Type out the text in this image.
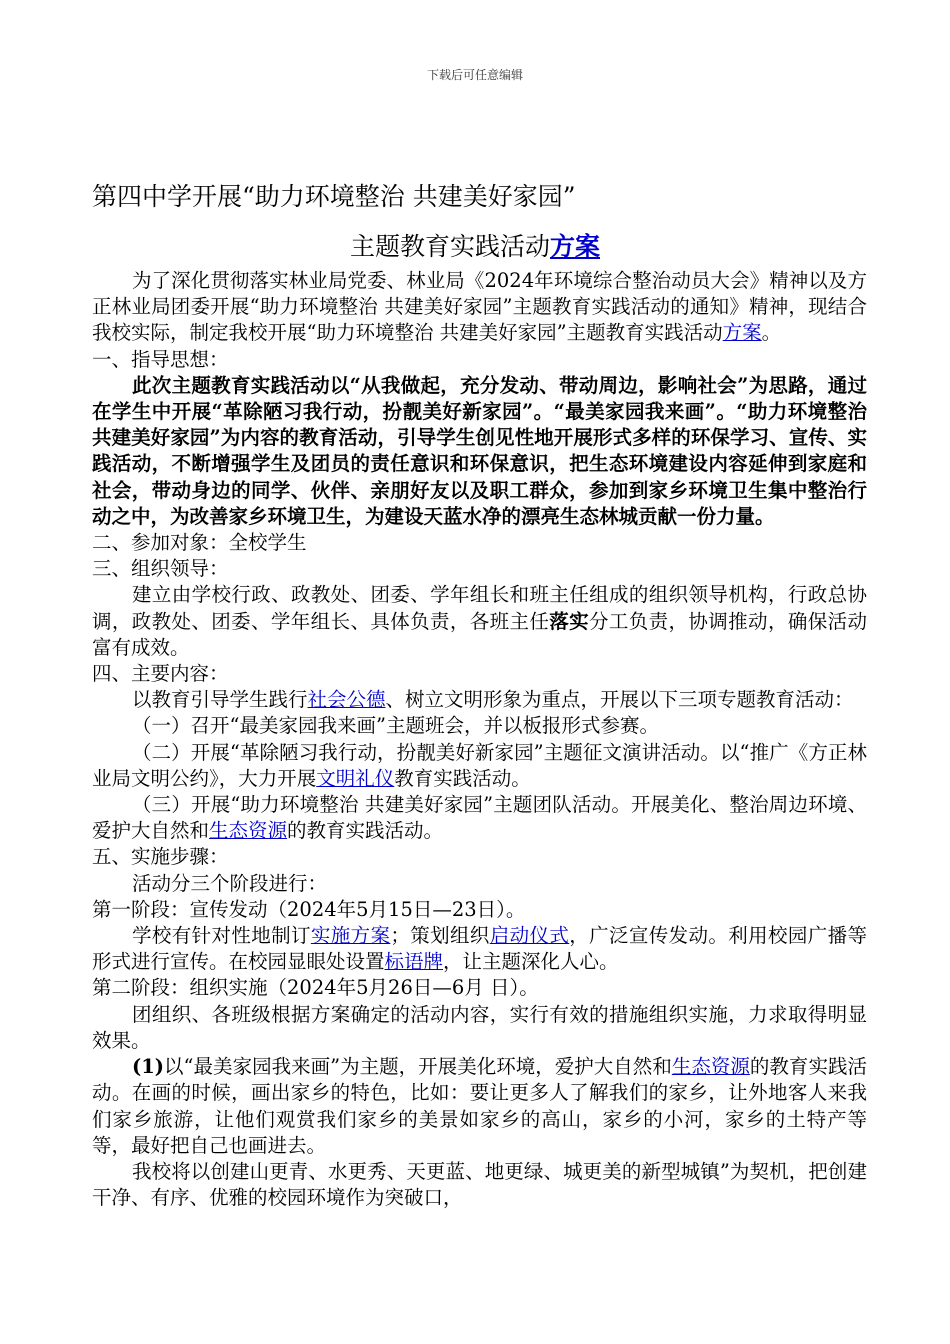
下载后可任意编辑
第四中学开展“助力环境整治 共建美好家园”
主题教育实践活动方案

为了深化贯彻落实林业局党委、林业局《2024年环境综合整治动员大会》精神以及方正林业局团委开展“助力环境整治 共建美好家园”主题教育实践活动的通知》精神，现结合我校实际，制定我校开展“助力环境整治 共建美好家园”主题教育实践活动方案。

一、指导思想：

此次主题教育实践活动以“从我做起，充分发动、带动周边，影响社会”为思路，通过在学生中开展“革除陋习我行动，扮靓美好新家园”。“最美家园我来画”。“助力环境整治 共建美好家园”为内容的教育活动，引导学生创见性地开展形式多样的环保学习、宣传、实践活动，不断增强学生及团员的责任意识和环保意识，把生态环境建设内容延伸到家庭和社会，带动身边的同学、伙伴、亲朋好友以及职工群众，参加到家乡环境卫生集中整治行动之中，为改善家乡环境卫生，为建设天蓝水净的漂亮生态林城贡献一份力量。

二、参加对象：全校学生

三、组织领导：

建立由学校行政、政教处、团委、学年组长和班主任组成的组织领导机构，行政总协调，政教处、团委、学年组长、具体负责，各班主任落实分工负责，协调推动，确保活动富有成效。

四、主要内容：

以教育引导学生践行社会公德、树立文明形象为重点，开展以下三项专题教育活动：

（一）召开“最美家园我来画”主题班会，并以板报形式参赛。

（二）开展“革除陋习我行动，扮靓美好新家园”主题征文演讲活动。以“推广《方正林业局文明公约》，大力开展文明礼仪教育实践活动。

（三）开展“助力环境整治 共建美好家园”主题团队活动。开展美化、整治周边环境、爱护大自然和生态资源的教育实践活动。

五、实施步骤：

活动分三个阶段进行：

第一阶段：宣传发动（2024年5月15日—23日）。

学校有针对性地制订实施方案；策划组织启动仪式，广泛宣传发动。利用校园广播等形式进行宣传。在校园显眼处设置标语牌，让主题深化人心。

第二阶段：组织实施（2024年5月26日—6月 日）。

团组织、各班级根据方案确定的活动内容，实行有效的措施组织实施，力求取得明显效果。

(1)以“最美家园我来画”为主题，开展美化环境，爱护大自然和生态资源的教育实践活动。在画的时候，画出家乡的特色，比如：要让更多人了解我们的家乡，让外地客人来我们家乡旅游，让他们观赏我们家乡的美景如家乡的高山，家乡的小河，家乡的土特产等等，最好把自己也画进去。

我校将以创建山更青、水更秀、天更蓝、地更绿、城更美的新型城镇”为契机，把创建干净、有序、优雅的校园环境作为突破口，
